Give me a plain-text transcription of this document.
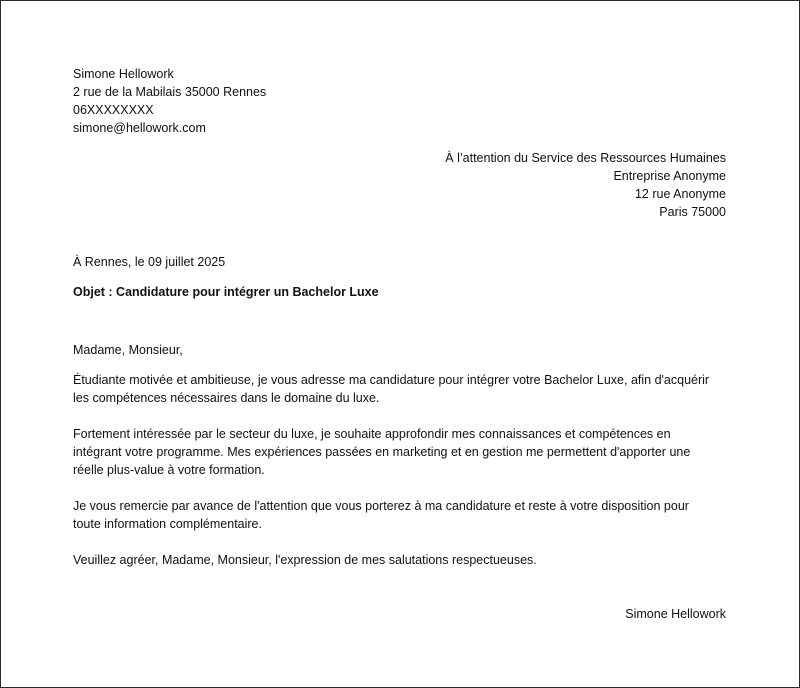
Simone Hellowork
2 rue de la Mabilais 35000 Rennes
06XXXXXXXX
simone@hellowork.com
À l’attention du Service des Ressources Humaines
Entreprise Anonyme
12 rue Anonyme
Paris 75000
À Rennes, le 09 juillet 2025
Objet : Candidature pour intégrer un Bachelor Luxe
Madame, Monsieur,
Étudiante motivée et ambitieuse, je vous adresse ma candidature pour intégrer votre Bachelor Luxe, afin d'acquérir
les compétences nécessaires dans le domaine du luxe.
Fortement intéressée par le secteur du luxe, je souhaite approfondir mes connaissances et compétences en
intégrant votre programme. Mes expériences passées en marketing et en gestion me permettent d'apporter une
réelle plus-value à votre formation.
Je vous remercie par avance de l'attention que vous porterez à ma candidature et reste à votre disposition pour
toute information complémentaire.
Veuillez agréer, Madame, Monsieur, l'expression de mes salutations respectueuses.
Simone Hellowork
